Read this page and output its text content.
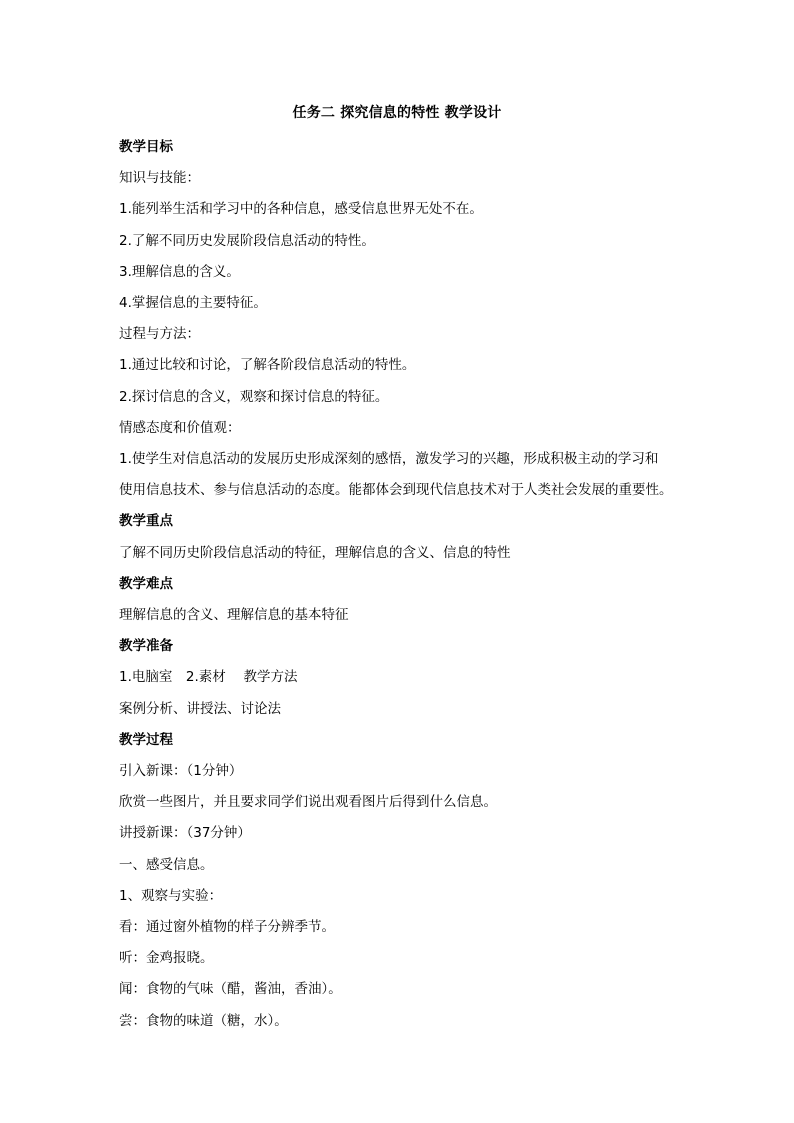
任务二 探究信息的特性 教学设计
教学目标
知识与技能：
1.能列举生活和学习中的各种信息，感受信息世界无处不在。
2.了解不同历史发展阶段信息活动的特性。
3.理解信息的含义。
4.掌握信息的主要特征。
过程与方法：
1.通过比较和讨论，了解各阶段信息活动的特性。
2.探讨信息的含义，观察和探讨信息的特征。
情感态度和价值观：
1.使学生对信息活动的发展历史形成深刻的感悟，激发学习的兴趣，形成积极主动的学习和
使用信息技术、参与信息活动的态度。能都体会到现代信息技术对于人类社会发展的重要性。
教学重点
了解不同历史阶段信息活动的特征，理解信息的含义、信息的特性
教学难点
理解信息的含义、理解信息的基本特征
教学准备
1.电脑室　2.素材　 教学方法
案例分析、讲授法、讨论法
教学过程
引入新课：（1分钟）
欣赏一些图片，并且要求同学们说出观看图片后得到什么信息。
讲授新课：（37分钟）
一、感受信息。
1、观察与实验：
看：通过窗外植物的样子分辨季节。
听：金鸡报晓。
闻：食物的气味（醋，酱油，香油）。
尝：食物的味道（糖，水）。
